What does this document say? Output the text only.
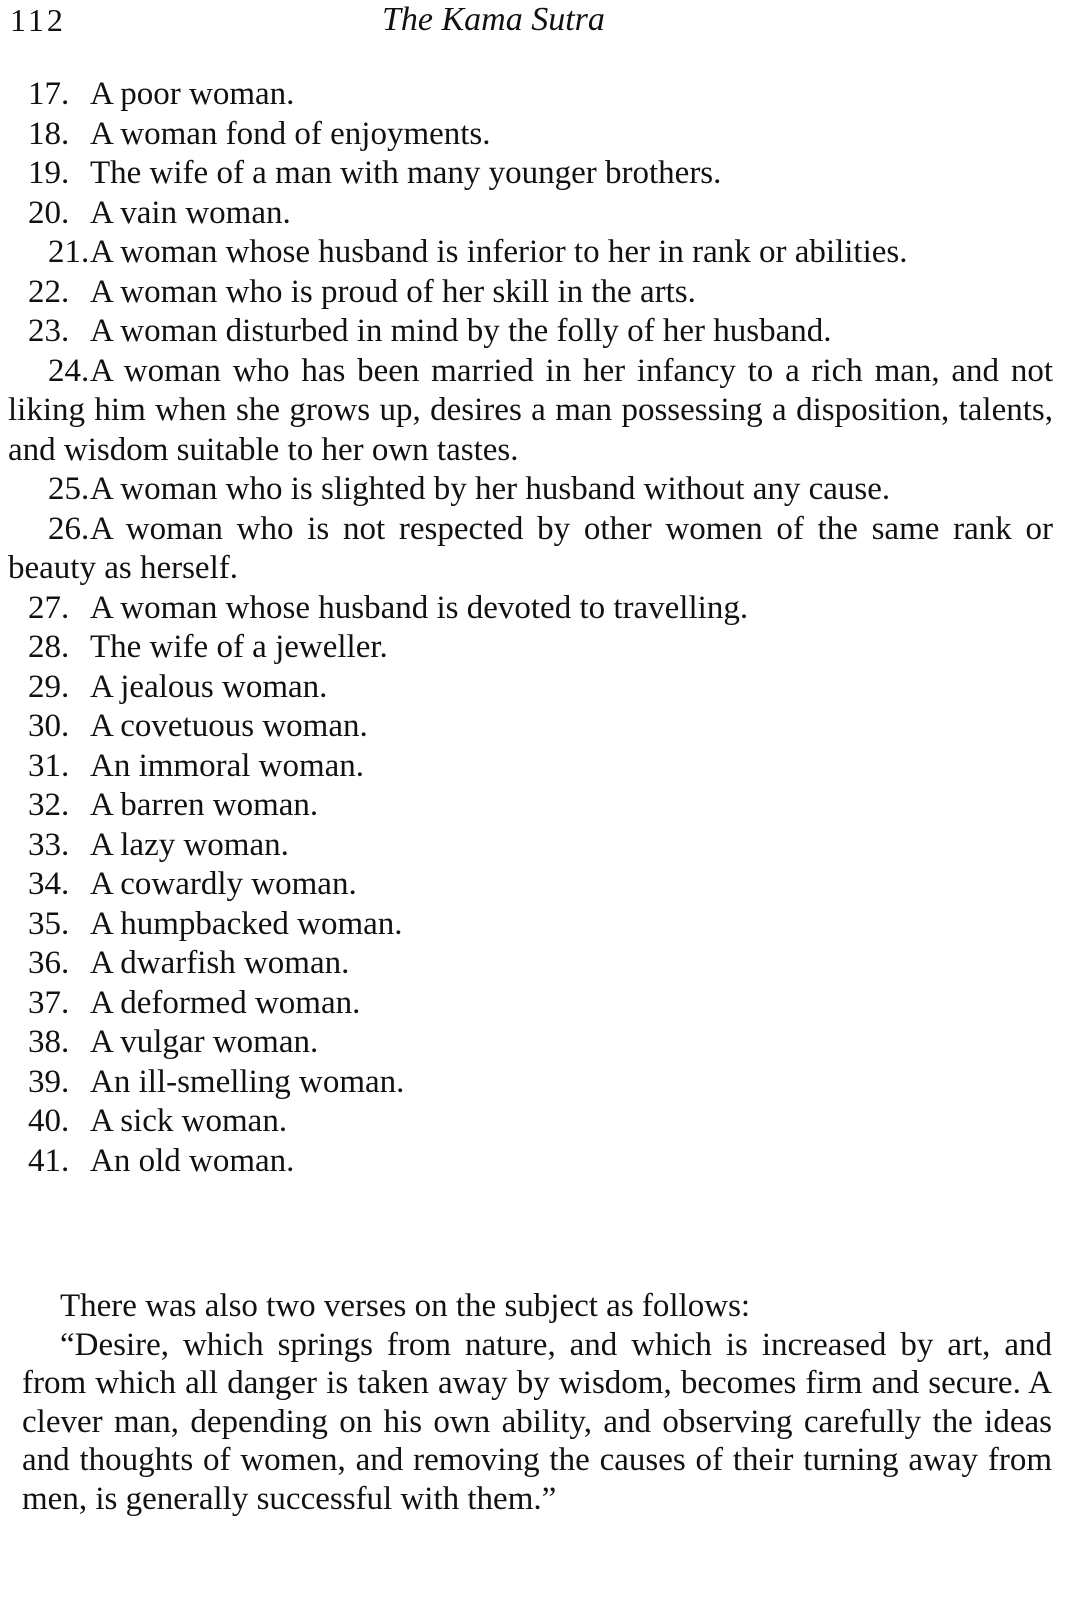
112	The Kama Sutra
17. A poor woman.
18. A woman fond of enjoyments.
19. The wife of a man with many younger brothers.
20. A vain woman.
21.A woman whose husband is inferior to her in rank or abilities.
22. A woman who is proud of her skill in the arts.
23. A woman disturbed in mind by the folly of her husband.
24.A woman who has been married in her infancy to a rich man, and not liking him when she grows up, desires a man possessing a disposition, talents, and wisdom suitable to her own tastes.
25.A woman who is slighted by her husband without any cause.
26.A woman who is not respected by other women of the same rank or beauty as herself.
27. A woman whose husband is devoted to travelling.
28. The wife of a jeweller.
29. A jealous woman.
30. A covetuous woman.
31. An immoral woman.
32. A barren woman.
33. A lazy woman.
34. A cowardly woman.
35. A humpbacked woman.
36. A dwarfish woman.
37. A deformed woman.
38. A vulgar woman.
39. An ill-smelling woman.
40. A sick woman.
41. An old woman.

There was also two verses on the subject as follows:

“Desire, which springs from nature, and which is increased by art, and from which all danger is taken away by wisdom, becomes firm and secure. A clever man, depending on his own ability, and observing carefully the ideas and thoughts of women, and removing the causes of their turning away from men, is generally successful with them.”
